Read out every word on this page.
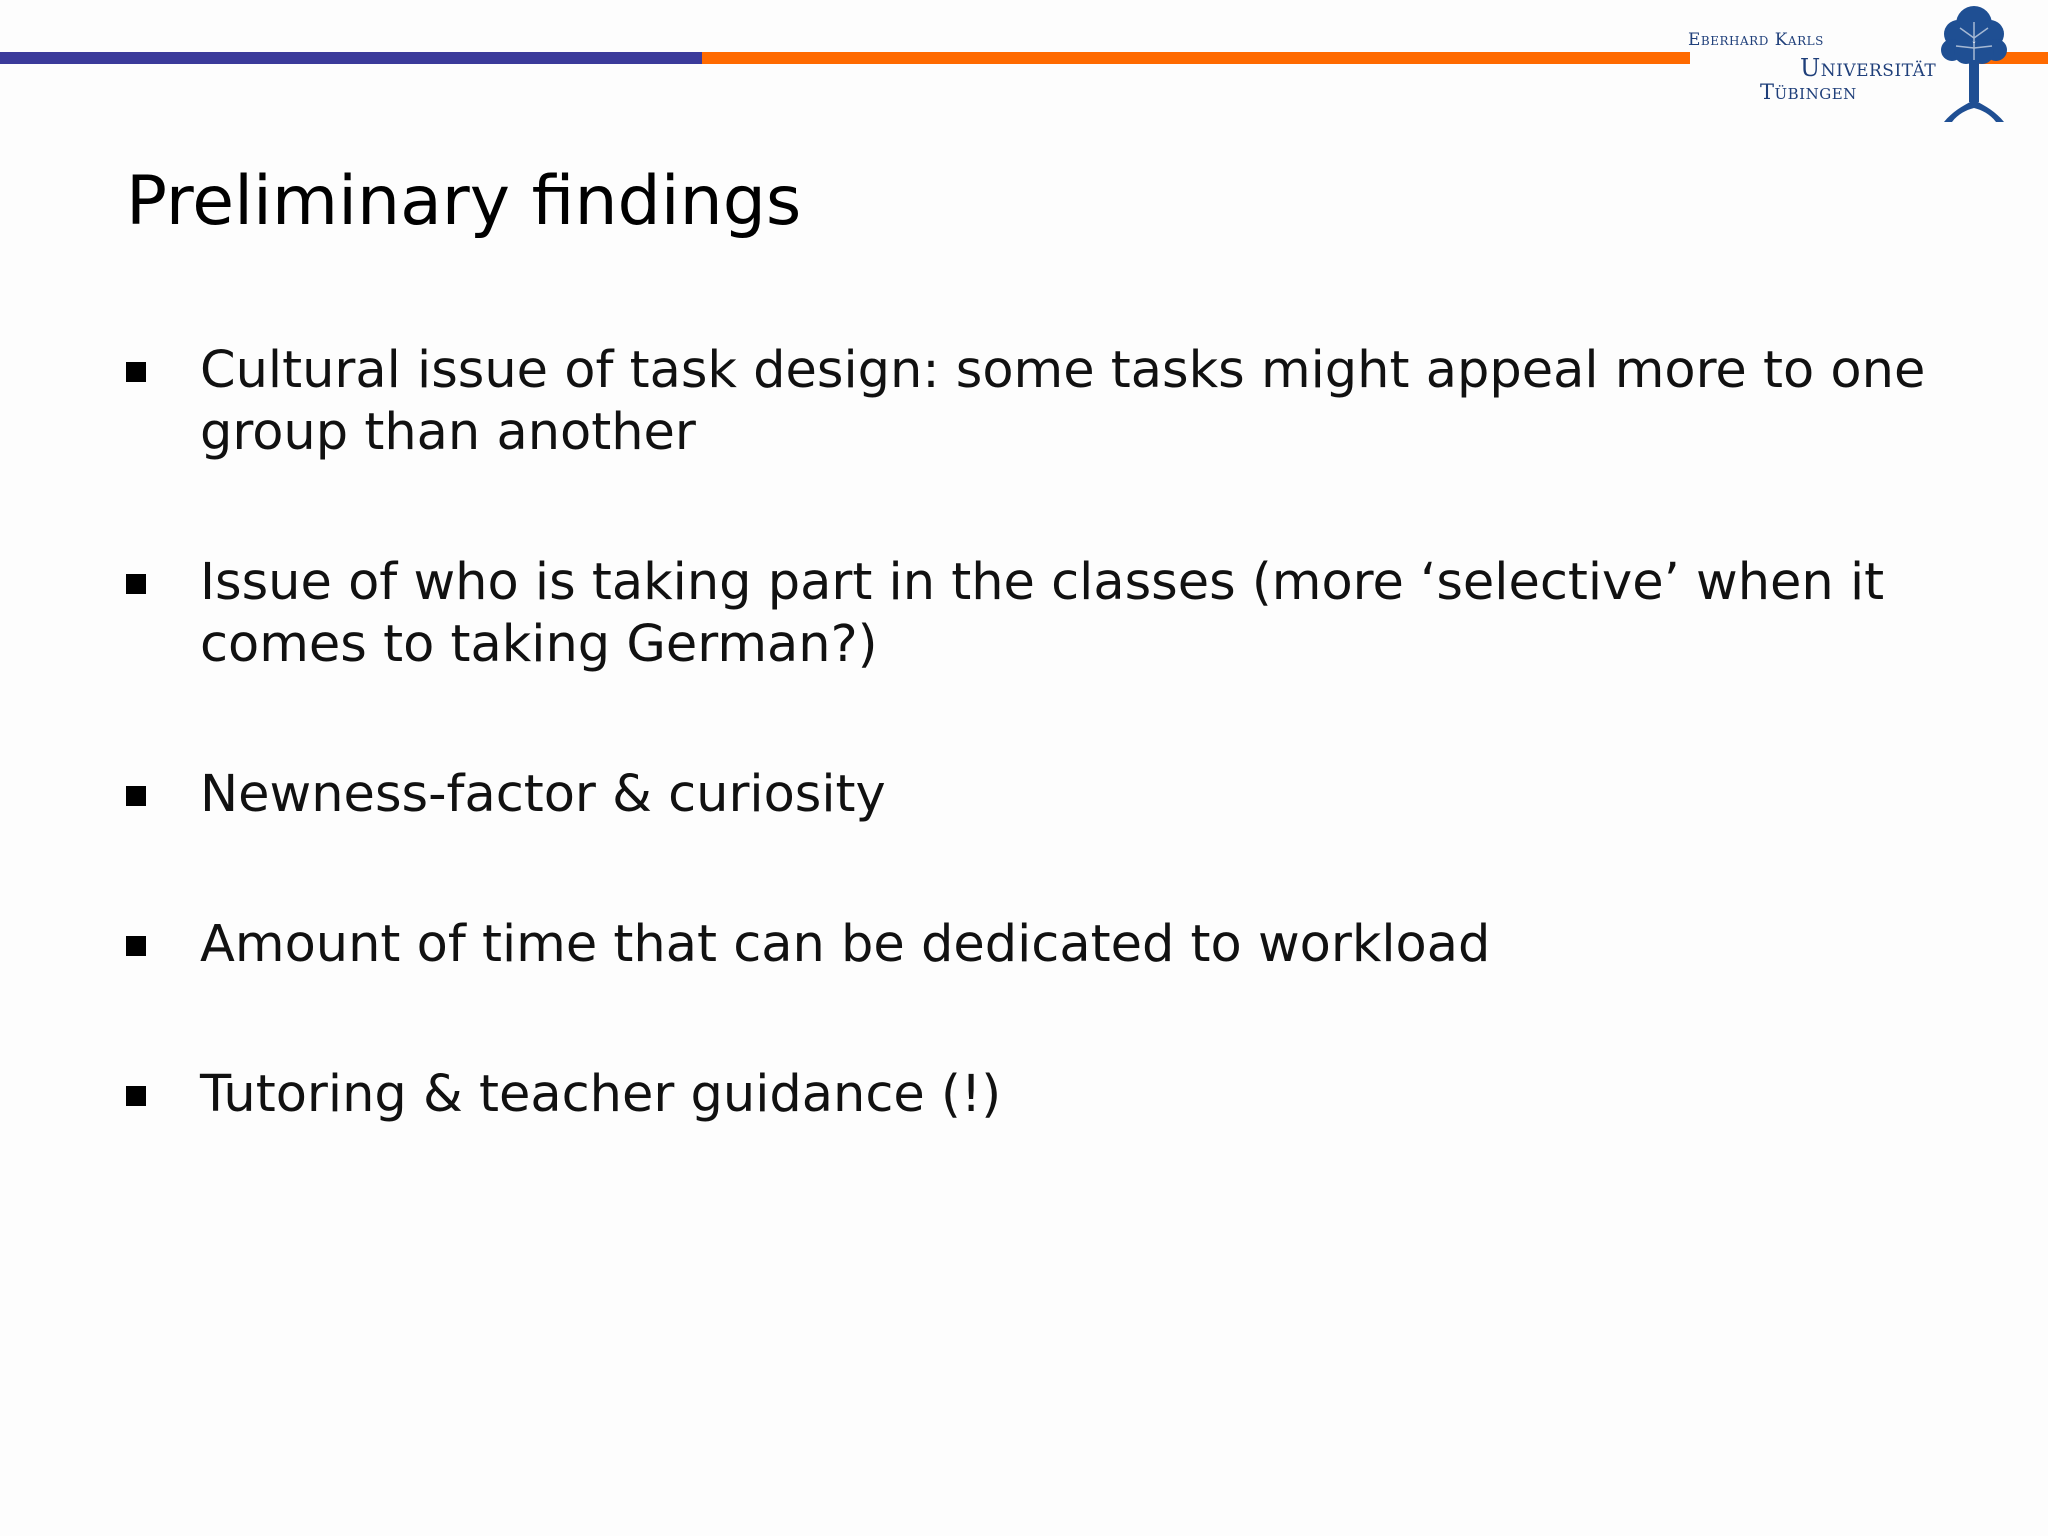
Eberhard Karls
Universität
Tübingen
Preliminary findings
Cultural issue of task design: some tasks might appeal more to one group than another
Issue of who is taking part in the classes (more ‘selective’ when it comes to taking German?)
Newness-factor & curiosity
Amount of time that can be dedicated to workload
Tutoring & teacher guidance (!)
